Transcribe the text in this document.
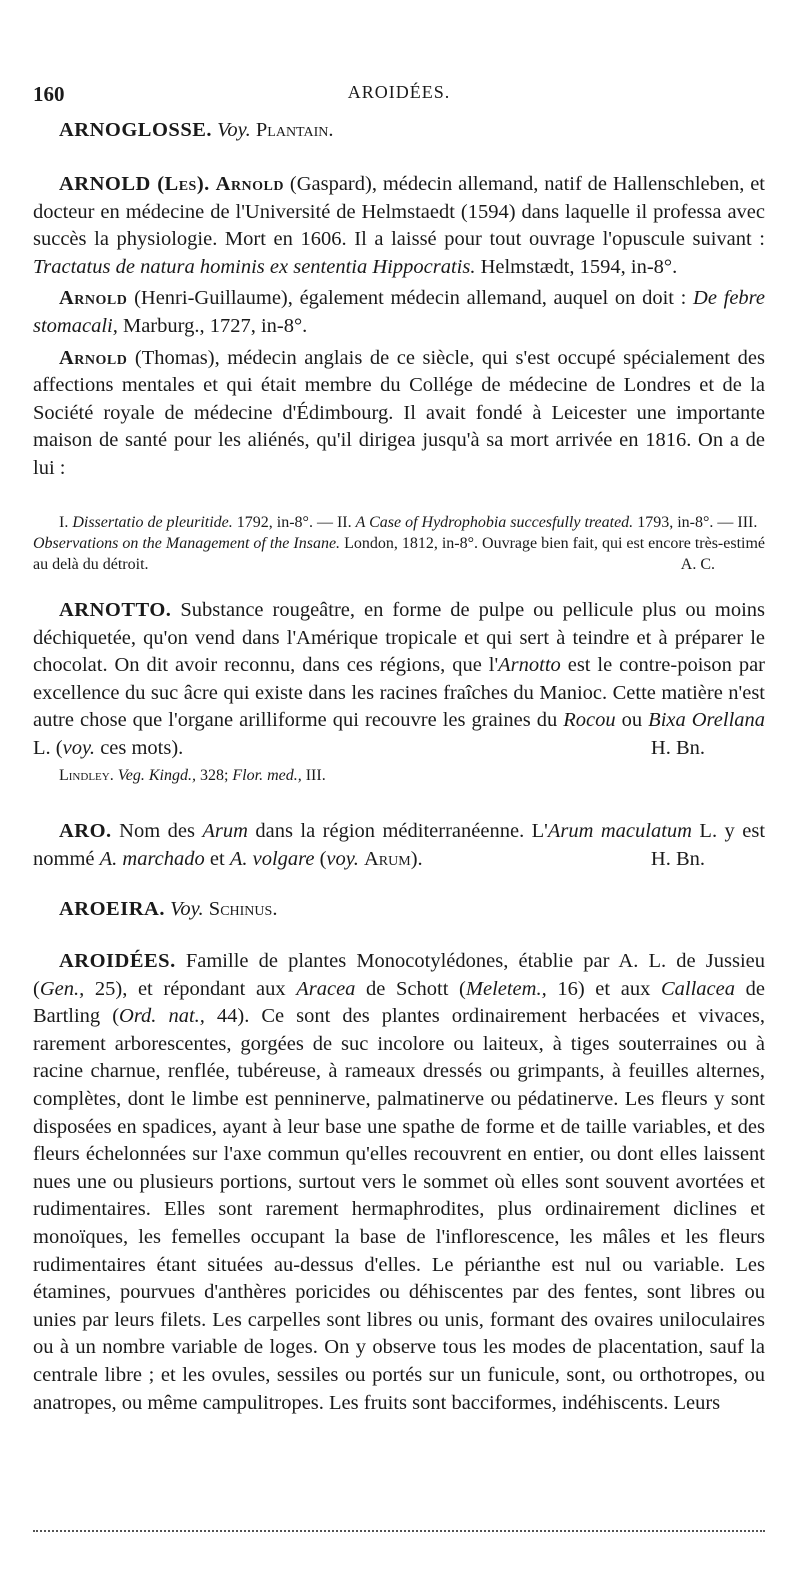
160	AROIDÉES.

ARNOGLOSSE. Voy. Plantain.

ARNOLD (Les). Arnold (Gaspard), médecin allemand, natif de Hallenschleben, et docteur en médecine de l'Université de Helmstaedt (1594) dans laquelle il professa avec succès la physiologie. Mort en 1606. Il a laissé pour tout ouvrage l'opuscule suivant : Tractatus de natura hominis ex sententia Hippocratis. Helmstædt, 1594, in-8°.

Arnold (Henri-Guillaume), également médecin allemand, auquel on doit : De febre stomacali, Marburg., 1727, in-8°.

Arnold (Thomas), médecin anglais de ce siècle, qui s'est occupé spécialement des affections mentales et qui était membre du Collége de médecine de Londres et de la Société royale de médecine d'Édimbourg. Il avait fondé à Leicester une importante maison de santé pour les aliénés, qu'il dirigea jusqu'à sa mort arrivée en 1816. On a de lui :

I. Dissertatio de pleuritide. 1792, in-8°. — II. A Case of Hydrophobia succesfully treated. 1793, in-8°. — III. Observations on the Management of the Insane. London, 1812, in-8°. Ouvrage bien fait, qui est encore très-estimé au delà du détroit.	A. C.

ARNOTTO. Substance rougeâtre, en forme de pulpe ou pellicule plus ou moins déchiquetée, qu'on vend dans l'Amérique tropicale et qui sert à teindre et à préparer le chocolat. On dit avoir reconnu, dans ces régions, que l'Arnotto est le contre-poison par excellence du suc âcre qui existe dans les racines fraîches du Manioc. Cette matière n'est autre chose que l'organe arilliforme qui recouvre les graines du Rocou ou Bixa Orellana L. (voy. ces mots).	H. Bn.

Lindley. Veg. Kingd., 328; Flor. med., III.

ARO. Nom des Arum dans la région méditerranéenne. L'Arum maculatum L. y est nommé A. marchado et A. volgare (voy. Arum).	H. Bn.

AROEIRA. Voy. Schinus.

AROIDÉES. Famille de plantes Monocotylédones, établie par A. L. de Jussieu (Gen., 25), et répondant aux Aracea de Schott (Meletem., 16) et aux Callacea de Bartling (Ord. nat., 44). Ce sont des plantes ordinairement herbacées et vivaces, rarement arborescentes, gorgées de suc incolore ou laiteux, à tiges souterraines ou à racine charnue, renflée, tubéreuse, à rameaux dressés ou grimpants, à feuilles alternes, complètes, dont le limbe est penninerve, palmatinerve ou pédatinerve. Les fleurs y sont disposées en spadices, ayant à leur base une spathe de forme et de taille variables, et des fleurs échelonnées sur l'axe commun qu'elles recouvrent en entier, ou dont elles laissent nues une ou plusieurs portions, surtout vers le sommet où elles sont souvent avortées et rudimentaires. Elles sont rarement hermaphrodites, plus ordinairement diclines et monoïques, les femelles occupant la base de l'inflorescence, les mâles et les fleurs rudimentaires étant situées au-dessus d'elles. Le périanthe est nul ou variable. Les étamines, pourvues d'anthères poricides ou déhiscentes par des fentes, sont libres ou unies par leurs filets. Les carpelles sont libres ou unis, formant des ovaires uniloculaires ou à un nombre variable de loges. On y observe tous les modes de placentation, sauf la centrale libre ; et les ovules, sessiles ou portés sur un funicule, sont, ou orthotropes, ou anatropes, ou même campulitropes. Les fruits sont bacciformes, indéhiscents. Leurs
